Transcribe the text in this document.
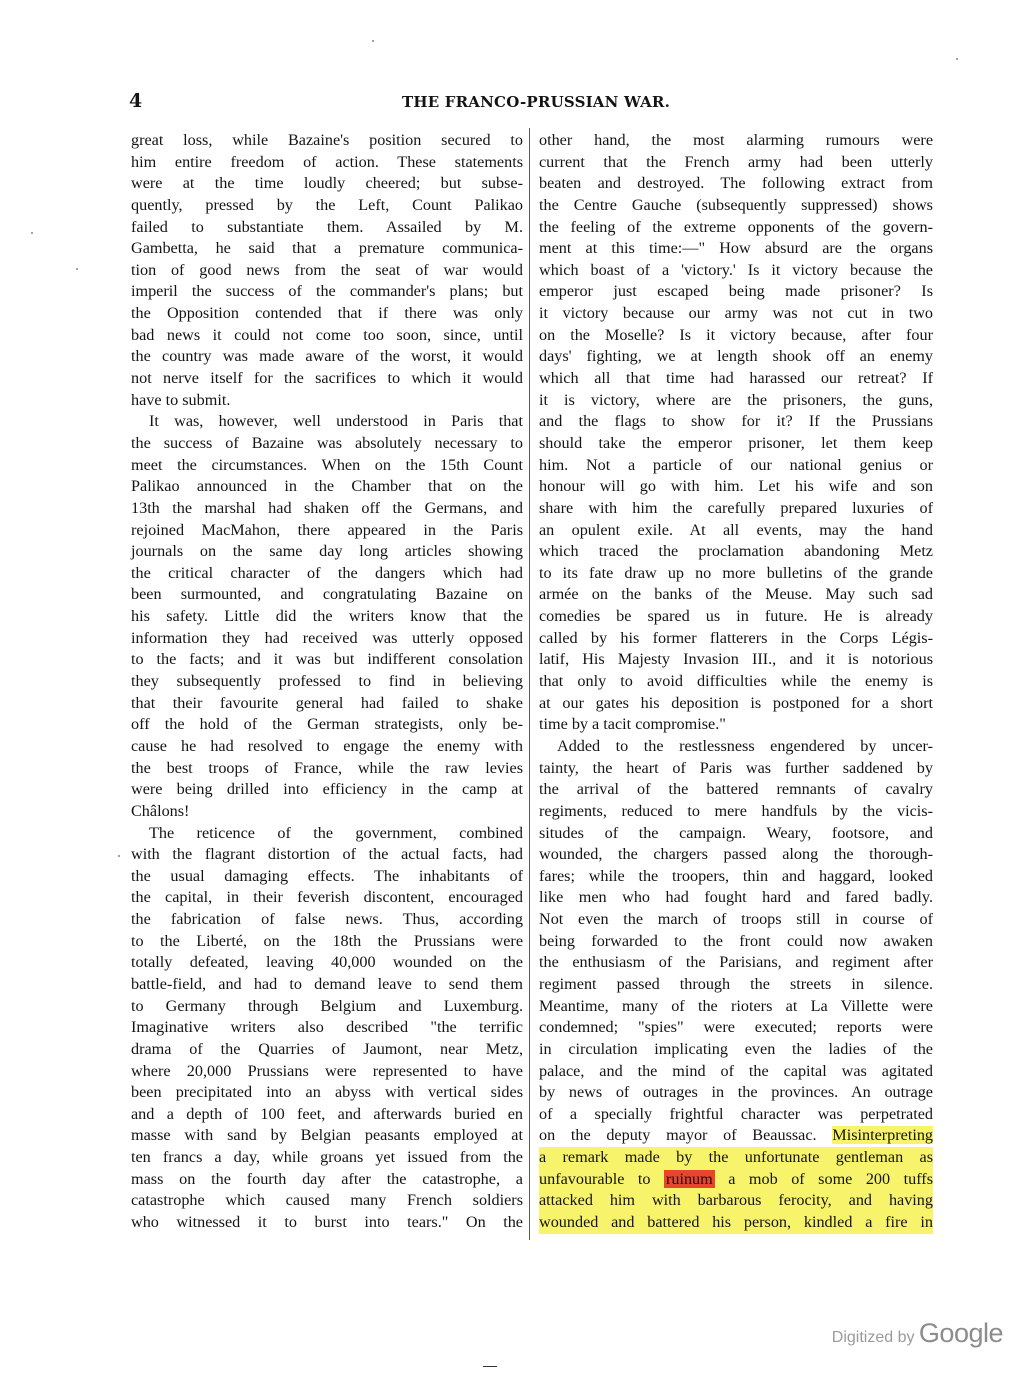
4	THE FRANCO-PRUSSIAN WAR.
great loss, while Bazaine's position secured to
him entire freedom of action. These statements
were at the time loudly cheered; but subse-
quently, pressed by the Left, Count Palikao
failed to substantiate them. Assailed by M.
Gambetta, he said that a premature communica-
tion of good news from the seat of war would
imperil the success of the commander's plans; but
the Opposition contended that if there was only
bad news it could not come too soon, since, until
the country was made aware of the worst, it would
not nerve itself for the sacrifices to which it would
have to submit.
It was, however, well understood in Paris that
the success of Bazaine was absolutely necessary to
meet the circumstances. When on the 15th Count
Palikao announced in the Chamber that on the
13th the marshal had shaken off the Germans, and
rejoined MacMahon, there appeared in the Paris
journals on the same day long articles showing
the critical character of the dangers which had
been surmounted, and congratulating Bazaine on
his safety. Little did the writers know that the
information they had received was utterly opposed
to the facts; and it was but indifferent consolation
they subsequently professed to find in believing
that their favourite general had failed to shake
off the hold of the German strategists, only be-
cause he had resolved to engage the enemy with
the best troops of France, while the raw levies
were being drilled into efficiency in the camp at
Châlons!
The reticence of the government, combined
with the flagrant distortion of the actual facts, had
the usual damaging effects. The inhabitants of
the capital, in their feverish discontent, encouraged
the fabrication of false news. Thus, according
to the Liberté, on the 18th the Prussians were
totally defeated, leaving 40,000 wounded on the
battle-field, and had to demand leave to send them
to Germany through Belgium and Luxemburg.
Imaginative writers also described "the terrific
drama of the Quarries of Jaumont, near Metz,
where 20,000 Prussians were represented to have
been precipitated into an abyss with vertical sides
and a depth of 100 feet, and afterwards buried en
masse with sand by Belgian peasants employed at
ten francs a day, while groans yet issued from the
mass on the fourth day after the catastrophe, a
catastrophe which caused many French soldiers
who witnessed it to burst into tears." On the
other hand, the most alarming rumours were
current that the French army had been utterly
beaten and destroyed. The following extract from
the Centre Gauche (subsequently suppressed) shows
the feeling of the extreme opponents of the govern-
ment at this time:—" How absurd are the organs
which boast of a 'victory.' Is it victory because the
emperor just escaped being made prisoner? Is
it victory because our army was not cut in two
on the Moselle? Is it victory because, after four
days' fighting, we at length shook off an enemy
which all that time had harassed our retreat? If
it is victory, where are the prisoners, the guns,
and the flags to show for it? If the Prussians
should take the emperor prisoner, let them keep
him. Not a particle of our national genius or
honour will go with him. Let his wife and son
share with him the carefully prepared luxuries of
an opulent exile. At all events, may the hand
which traced the proclamation abandoning Metz
to its fate draw up no more bulletins of the grande
armée on the banks of the Meuse. May such sad
comedies be spared us in future. He is already
called by his former flatterers in the Corps Légis-
latif, His Majesty Invasion III., and it is notorious
that only to avoid difficulties while the enemy is
at our gates his deposition is postponed for a short
time by a tacit compromise."
Added to the restlessness engendered by uncer-
tainty, the heart of Paris was further saddened by
the arrival of the battered remnants of cavalry
regiments, reduced to mere handfuls by the vicis-
situdes of the campaign. Weary, footsore, and
wounded, the chargers passed along the thorough-
fares; while the troopers, thin and haggard, looked
like men who had fought hard and fared badly.
Not even the march of troops still in course of
being forwarded to the front could now awaken
the enthusiasm of the Parisians, and regiment after
regiment passed through the streets in silence.
Meantime, many of the rioters at La Villette were
condemned; "spies" were executed; reports were
in circulation implicating even the ladies of the
palace, and the mind of the capital was agitated
by news of outrages in the provinces. An outrage
of a specially frightful character was perpetrated
on the deputy mayor of Beaussac. Misinterpreting
a remark made by the unfortunate gentleman as
unfavourable to ruinum a mob of some 200 tuffs
attacked him with barbarous ferocity, and having
wounded and battered his person, kindled a fire in
Digitized by Google
